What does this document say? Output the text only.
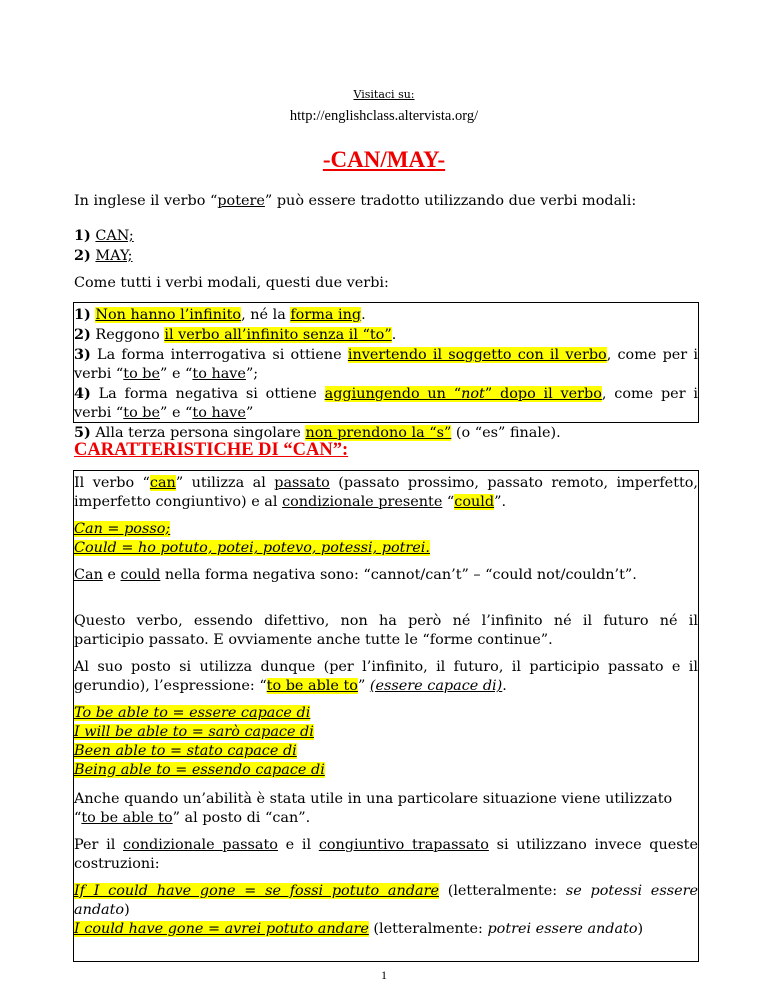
Visitaci su:
http://englishclass.altervista.org/
-CAN/MAY-
In inglese il verbo “potere” può essere tradotto utilizzando due verbi modali:
1) CAN;
2) MAY;
Come tutti i verbi modali, questi due verbi:
1) Non hanno l’infinito, né la forma ing.
2) Reggono il verbo all’infinito senza il “to”.
3) La forma interrogativa si ottiene invertendo il soggetto con il verbo, come per i
verbi “to be” e “to have”;
4) La forma negativa si ottiene aggiungendo un “not” dopo il verbo, come per i
verbi “to be” e “to have”
5) Alla terza persona singolare non prendono la “s” (o “es” finale).
CARATTERISTICHE DI “CAN”:
Il verbo “can” utilizza al passato (passato prossimo, passato remoto, imperfetto,
imperfetto congiuntivo) e al condizionale presente “could”.
Can = posso;
Could = ho potuto, potei, potevo, potessi, potrei.
Can e could nella forma negativa sono: “cannot/can’t” – “could not/couldn’t”.
Questo verbo, essendo difettivo, non ha però né l’infinito né il futuro né il
participio passato. E ovviamente anche tutte le “forme continue”.
Al suo posto si utilizza dunque (per l’infinito, il futuro, il participio passato e il
gerundio), l’espressione: “to be able to” (essere capace di).
To be able to = essere capace di
I will be able to = sarò capace di
Been able to = stato capace di
Being able to = essendo capace di
Anche quando un’abilità è stata utile in una particolare situazione viene utilizzato
“to be able to” al posto di “can”.
Per il condizionale passato e il congiuntivo trapassato si utilizzano invece queste
costruzioni:
If I could have gone = se fossi potuto andare (letteralmente: se potessi essere
andato)
I could have gone = avrei potuto andare (letteralmente: potrei essere andato)
1
